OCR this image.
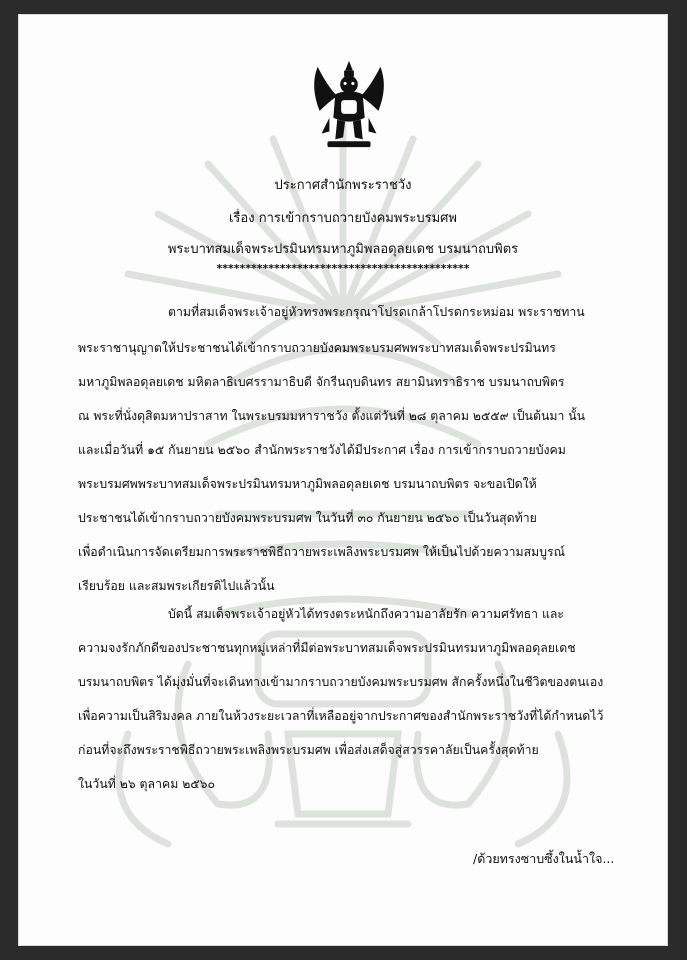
ประกาศสำนักพระราชวัง
เรื่อง การเข้ากราบถวายบังคมพระบรมศพ
พระบาทสมเด็จพระปรมินทรมหาภูมิพลอดุลยเดช บรมนาถบพิตร
********************************************
ตามที่สมเด็จพระเจ้าอยู่หัวทรงพระกรุณาโปรดเกล้าโปรดกระหม่อม พระราชทาน
พระราชานุญาตให้ประชาชนได้เข้ากราบถวายบังคมพระบรมศพพระบาทสมเด็จพระปรมินทร
มหาภูมิพลอดุลยเดช มหิตลาธิเบศรรามาธิบดี จักรีนฤบดินทร สยามินทราธิราช บรมนาถบพิตร
ณ พระที่นั่งดุสิตมหาปราสาท ในพระบรมมหาราชวัง ตั้งแต่วันที่ ๒๘ ตุลาคม ๒๕๕๙ เป็นต้นมา นั้น
และเมื่อวันที่ ๑๕ กันยายน ๒๕๖๐ สำนักพระราชวังได้มีประกาศ เรื่อง การเข้ากราบถวายบังคม
พระบรมศพพระบาทสมเด็จพระปรมินทรมหาภูมิพลอดุลยเดช บรมนาถบพิตร จะขอเปิดให้
ประชาชนได้เข้ากราบถวายบังคมพระบรมศพ ในวันที่ ๓๐ กันยายน ๒๕๖๐ เป็นวันสุดท้าย
เพื่อดำเนินการจัดเตรียมการพระราชพิธีถวายพระเพลิงพระบรมศพ ให้เป็นไปด้วยความสมบูรณ์
เรียบร้อย และสมพระเกียรติไปแล้วนั้น
บัดนี้ สมเด็จพระเจ้าอยู่หัวได้ทรงตระหนักถึงความอาลัยรัก ความศรัทธา และ
ความจงรักภักดีของประชาชนทุกหมู่เหล่าที่มีต่อพระบาทสมเด็จพระปรมินทรมหาภูมิพลอดุลยเดช
บรมนาถบพิตร ได้มุ่งมั่นที่จะเดินทางเข้ามากราบถวายบังคมพระบรมศพ สักครั้งหนึ่งในชีวิตของตนเอง
เพื่อความเป็นสิริมงคล ภายในห้วงระยะเวลาที่เหลืออยู่จากประกาศของสำนักพระราชวังที่ได้กำหนดไว้
ก่อนที่จะถึงพระราชพิธีถวายพระเพลิงพระบรมศพ เพื่อส่งเสด็จสู่สวรรคาลัยเป็นครั้งสุดท้าย
ในวันที่ ๒๖ ตุลาคม ๒๕๖๐
/ด้วยทรงซาบซึ้งในน้ำใจ...
